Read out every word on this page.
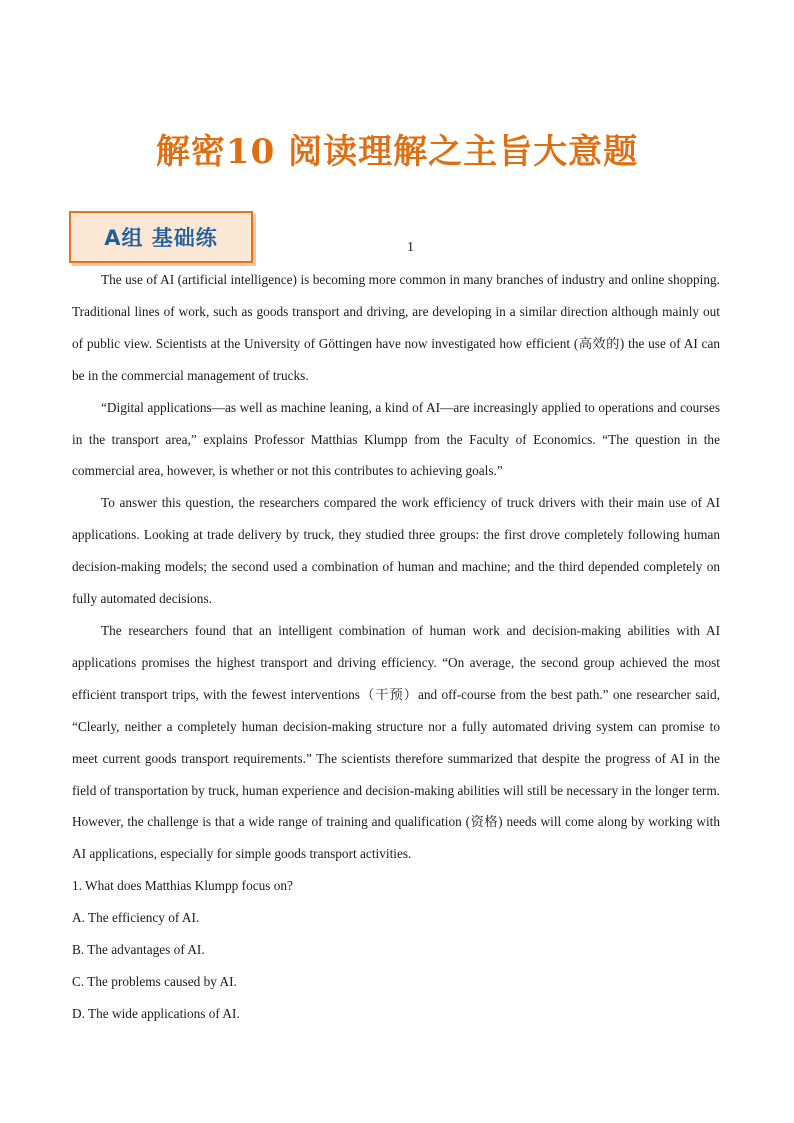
解密10 阅读理解之主旨大意题
A组 基础练	1

The use of AI (artificial intelligence) is becoming more common in many branches of industry and online shopping. Traditional lines of work, such as goods transport and driving, are developing in a similar direction although mainly out of public view. Scientists at the University of Göttingen have now investigated how efficient (高效的) the use of AI can be in the commercial management of trucks.

“Digital applications—as well as machine leaning, a kind of AI—are increasingly applied to operations and courses in the transport area,” explains Professor Matthias Klumpp from the Faculty of Economics. “The question in the commercial area, however, is whether or not this contributes to achieving goals.”

To answer this question, the researchers compared the work efficiency of truck drivers with their main use of AI applications. Looking at trade delivery by truck, they studied three groups: the first drove completely following human decision-making models; the second used a combination of human and machine; and the third depended completely on fully automated decisions.

The researchers found that an intelligent combination of human work and decision-making abilities with AI applications promises the highest transport and driving efficiency. “On average, the second group achieved the most efficient transport trips, with the fewest interventions（干预）and off-course from the best path.” one researcher said, “Clearly, neither a completely human decision-making structure nor a fully automated driving system can promise to meet current goods transport requirements.” The scientists therefore summarized that despite the progress of AI in the field of transportation by truck, human experience and decision-making abilities will still be necessary in the longer term. However, the challenge is that a wide range of training and qualification (资格) needs will come along by working with AI applications, especially for simple goods transport activities.

1. What does Matthias Klumpp focus on?
A. The efficiency of AI.
B. The advantages of AI.
C. The problems caused by AI.
D. The wide applications of AI.
